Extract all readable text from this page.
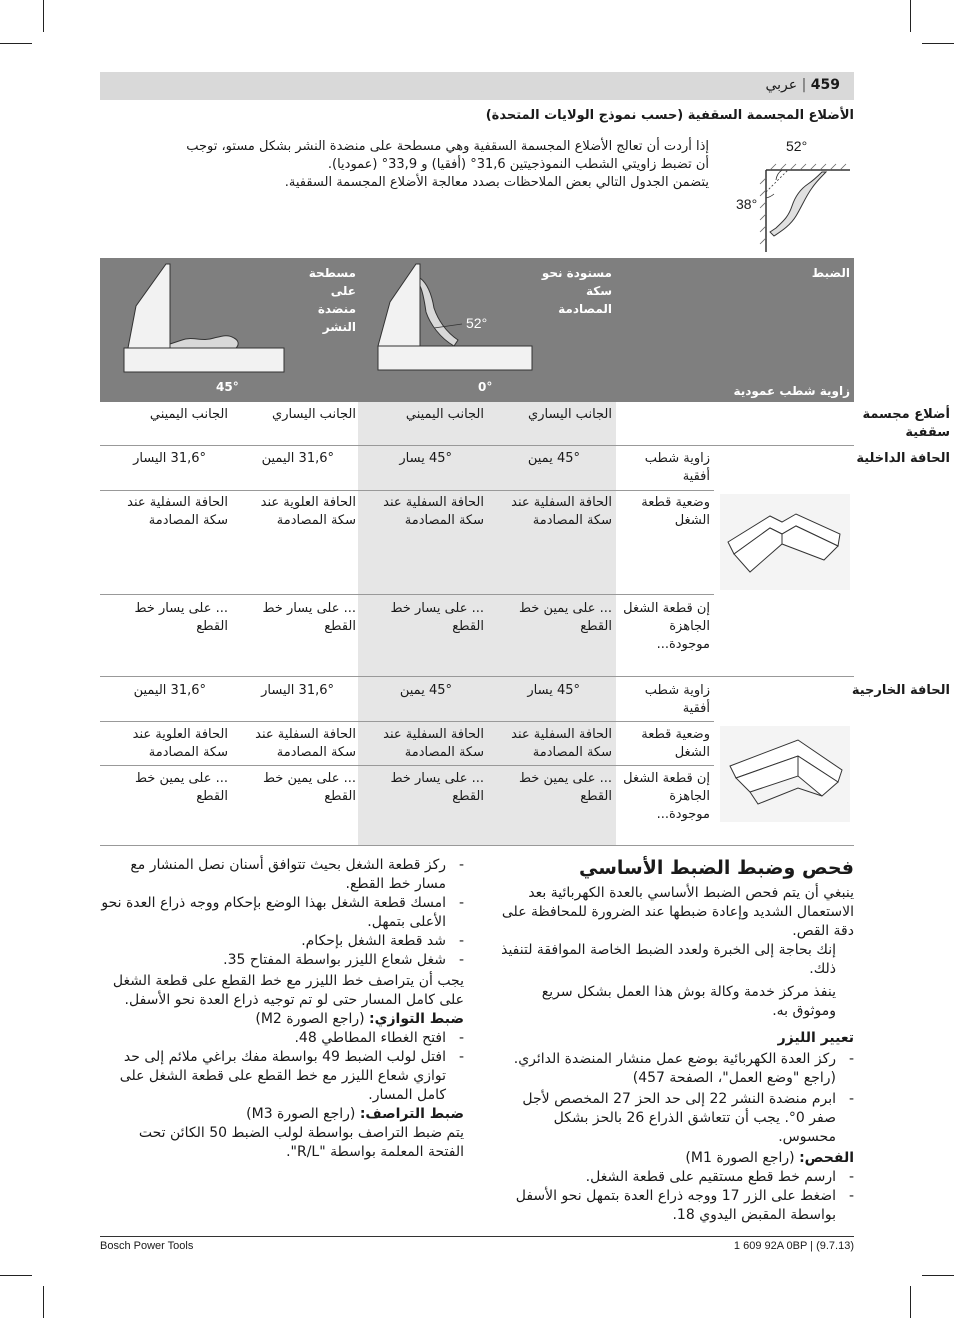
459 | عربي
الأضلاع المجسمة السقفية (حسب نموذج الولايات المتحدة)
إذا أردت أن تعالج الأضلاع المجسمة السقفية وهي مسطحة على منضدة النشر بشكل مستو، توجب
أن تضبط زاويتي الشطب النموذجيتين 31,6° (أفقيا) و 33,9° (عموديا).
يتضمن الجدول التالي بعض الملاحظات بصدد معالجة الأضلاع المجسمة السقفية.
52°
38°
الضبط
مسنودة نحو سكة المصادمة
مسطحة على منضدة النشر
زاوية شطب عمودية
0°
45°
52°
أضلاع مجسمة سقفية
الجانب اليساري
الجانب اليميني
الجانب اليساري
الجانب اليميني
الحافة الداخلية
زاوية شطب أفقية
45° يمين
45° يسار
31,6° اليمين
31,6° اليسار
وضعية قطعة الشغل
الحافة السفلية عند سكة المصادمة
الحافة السفلية عند سكة المصادمة
الحافة العلوية عند سكة المصادمة
الحافة السفلية عند سكة المصادمة
إن قطعة الشغل الجاهزة موجودة...
... على يمين خط القطع
... على يسار خط القطع
... على يسار خط القطع
... على يسار خط القطع
الحافة الخارجية
زاوية شطب أفقية
45° يسار
45° يمين
31,6° اليسار
31,6° اليمين
وضعية قطعة الشغل
الحافة السفلية عند سكة المصادمة
الحافة السفلية عند سكة المصادمة
الحافة السفلية عند سكة المصادمة
الحافة العلوية عند سكة المصادمة
إن قطعة الشغل الجاهزة موجودة...
... على يمين خط القطع
... على يسار خط القطع
... على يمين خط القطع
... على يمين خط القطع
فحص وضبط الضبط الأساسي
ينبغي أن يتم فحص الضبط الأساسي بالعدة الكهربائية بعد الاستعمال الشديد وإعادة ضبطها عند الضرورة للمحافظة على دقة القص.
إنك بحاجة إلى الخبرة ولعدد الضبط الخاصة الموافقة لتنفيذ ذلك.
ينفذ مركز خدمة وكالة بوش هذا العمل بشكل سريع وموثوق به.
تعيير الليزر
-
ركز العدة الكهربائية بوضع عمل منشار المنضدة الدائري. (راجع "وضع العمل"، الصفحة 457)
-
ابرم منضدة النشر 22 إلى حد الحز 27 المخصص لأجل صفر 0°. يجب أن تتعاشق الذراع 26 بالحز بشكل محسوس.
الفحص: (راجع الصورة M1)
-
ارسم خط قطع مستقيم على قطعة الشغل.
-
اضغط على الزر 17 ووجه ذراع العدة بتمهل نحو الأسفل بواسطة المقبض اليدوي 18.
-
ركز قطعة الشغل بحيث تتوافق أسنان نصل المنشار مع مسار خط القطع.
-
امسك قطعة الشغل بهذا الوضع بإحكام ووجه ذراع العدة نحو الأعلى بتمهل.
-
شد قطعة الشغل بإحكام.
-
شغل شعاع الليزر بواسطة المفتاح 35.
يجب أن يتراصف خط الليزر مع خط القطع على قطعة الشغل على كامل المسار حتى لو تم توجيه ذراع العدة نحو الأسفل.
ضبط التوازي: (راجع الصورة M2)
-
افتح الغطاء المطاطي 48.
-
افتل لولب الضبط 49 بواسطة مفك براغي ملائم إلى حد توازي شعاع الليزر مع خط القطع على قطعة الشغل على كامل المسار.
ضبط التراصف: (راجع الصورة M3)
يتم ضبط التراصف بواسطة لولب الضبط 50 الكائن تحت الفتحة المعلمة بواسطة "R/L".
Bosch Power Tools	1 609 92A 0BP | (9.7.13)
